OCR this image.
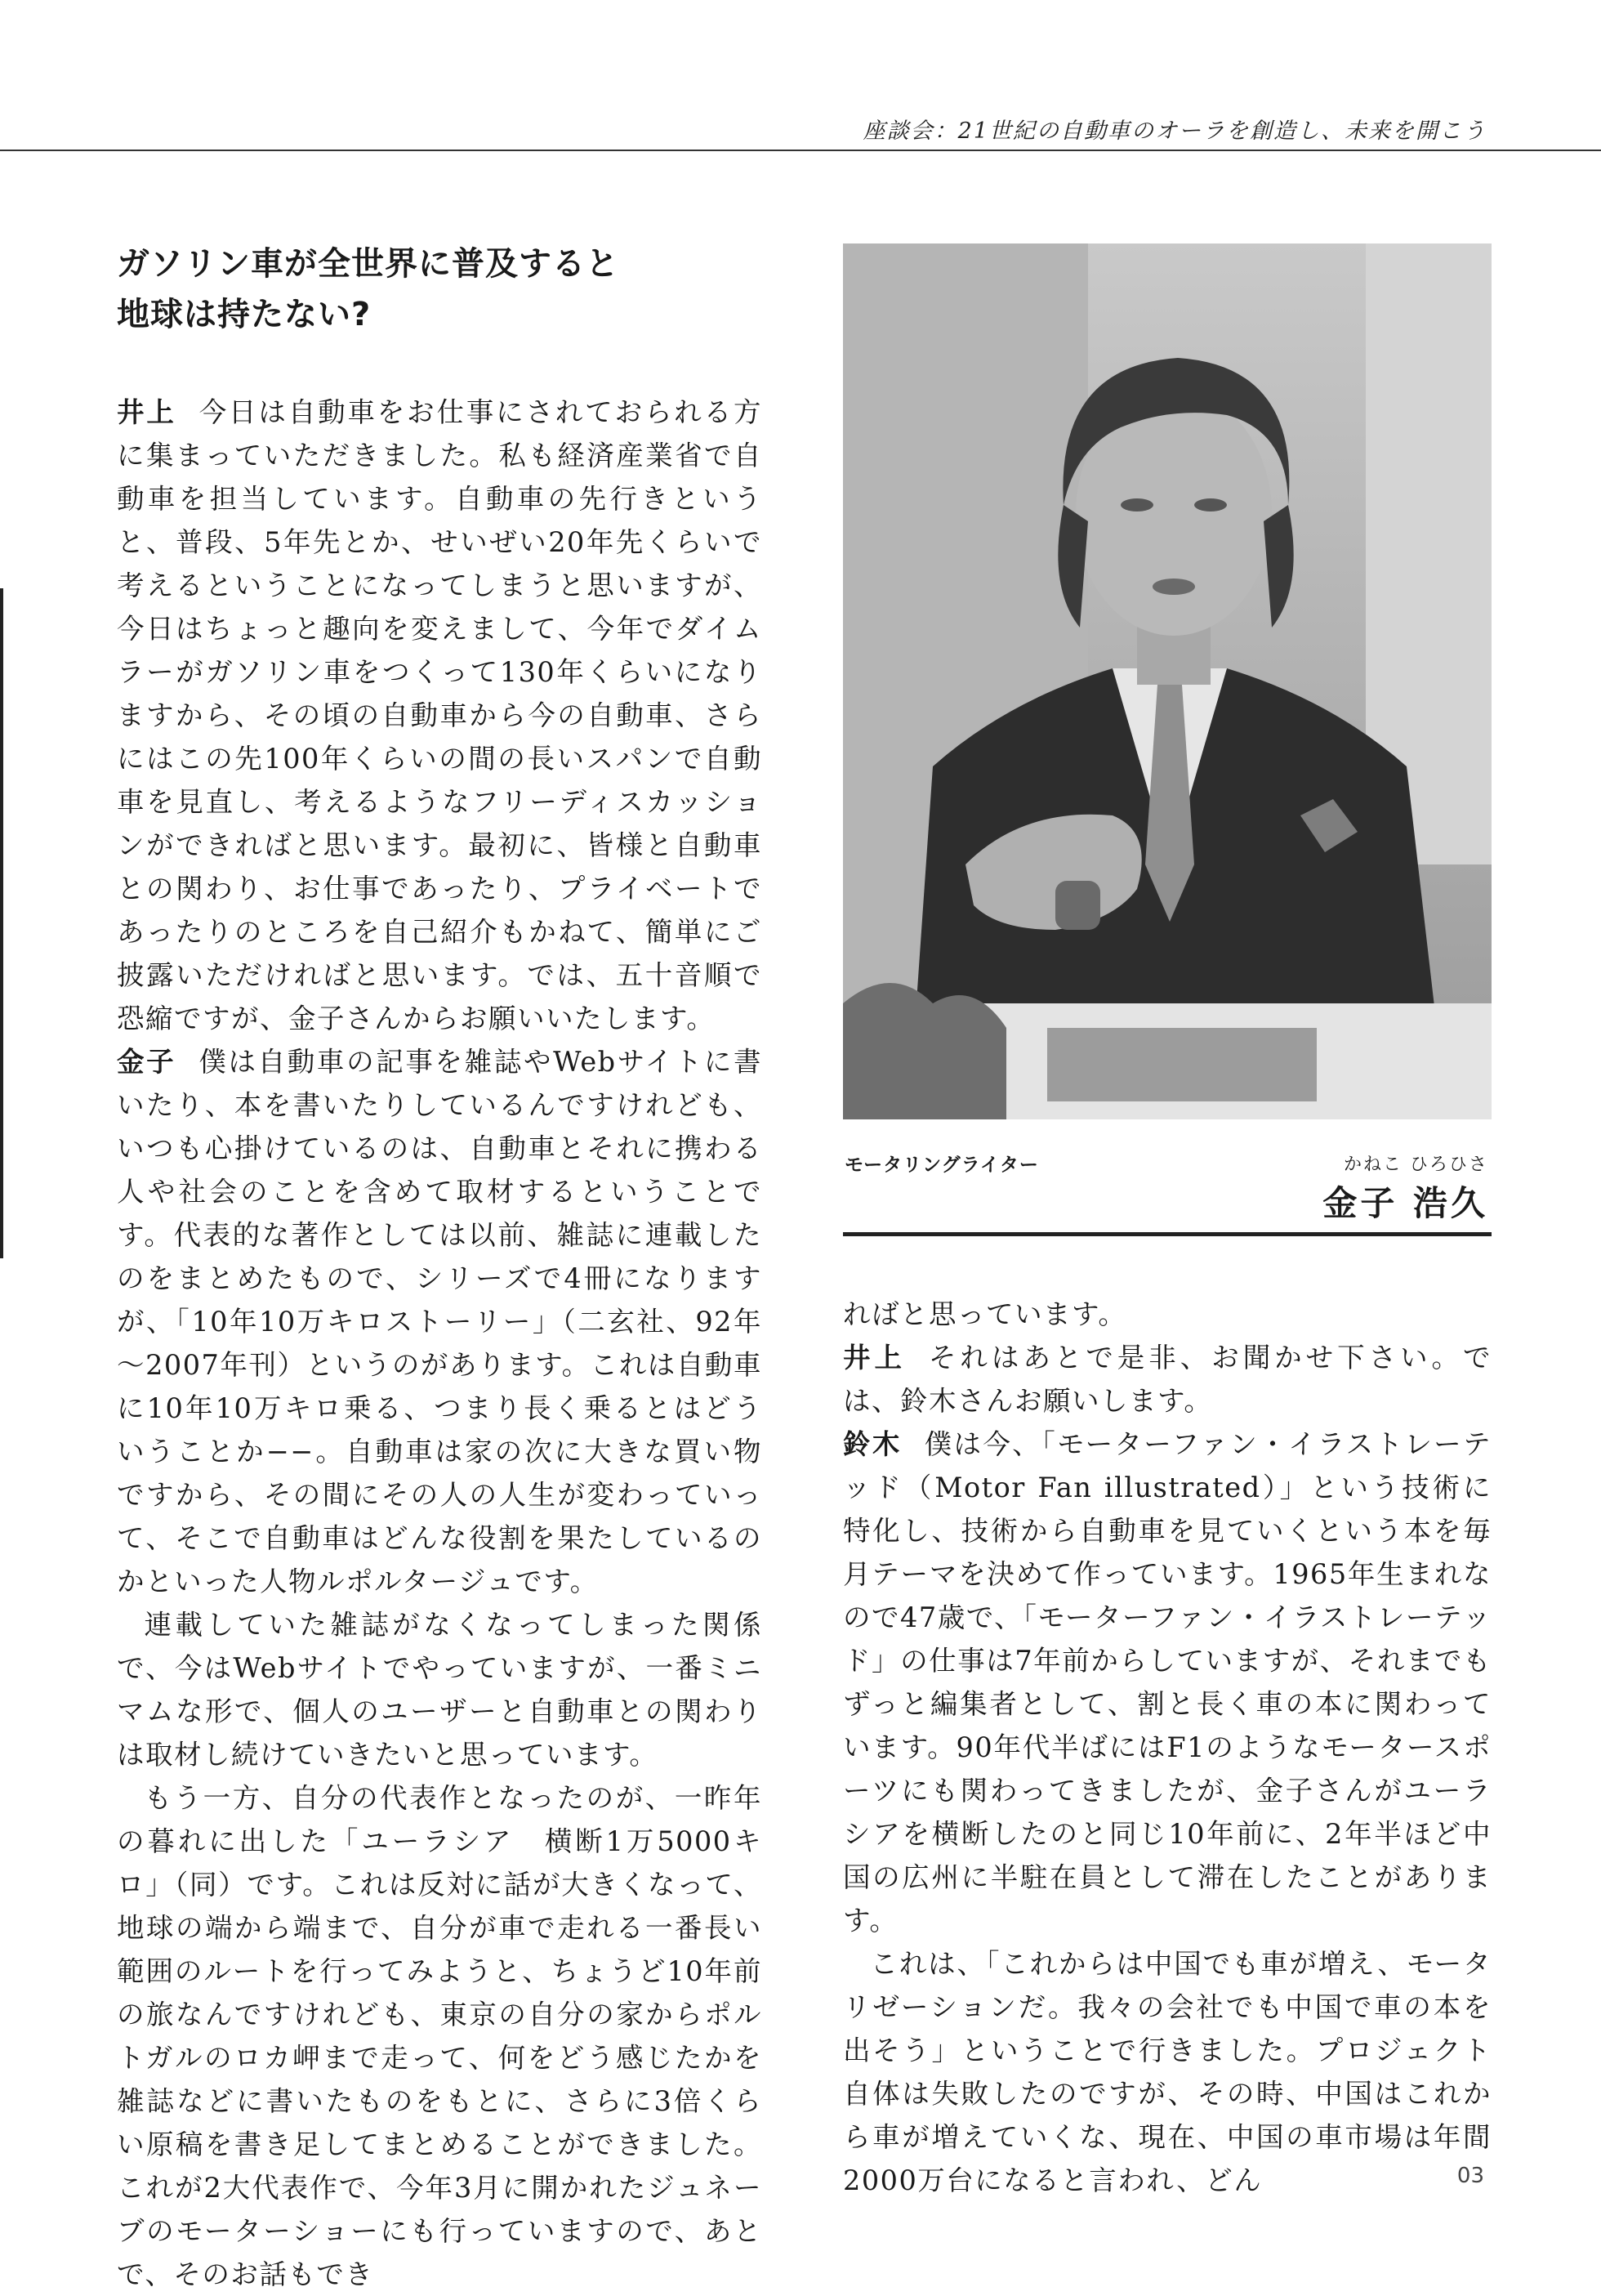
座談会：21世紀の自動車のオーラを創造し、未来を開こう
ガソリン車が全世界に普及すると
地球は持たない?

井上 今日は自動車をお仕事にされておられる方に集まっていただきました。私も経済産業省で自動車を担当しています。自動車の先行きというと、普段、5年先とか、せいぜい20年先くらいで考えるということになってしまうと思いますが、今日はちょっと趣向を変えまして、今年でダイムラーがガソリン車をつくって130年くらいになりますから、その頃の自動車から今の自動車、さらにはこの先100年くらいの間の長いスパンで自動車を見直し、考えるようなフリーディスカッションができればと思います。最初に、皆様と自動車との関わり、お仕事であったり、プライベートであったりのところを自己紹介もかねて、簡単にご披露いただければと思います。では、五十音順で恐縮ですが、金子さんからお願いいたします。

金子 僕は自動車の記事を雑誌やWebサイトに書いたり、本を書いたりしているんですけれども、いつも心掛けているのは、自動車とそれに携わる人や社会のことを含めて取材するということです。代表的な著作としては以前、雑誌に連載したのをまとめたもので、シリーズで4冊になりますが、「10年10万キロストーリー」（二玄社、92年～2007年刊）というのがあります。これは自動車に10年10万キロ乗る、つまり長く乗るとはどういうことか−−。自動車は家の次に大きな買い物ですから、その間にその人の人生が変わっていって、そこで自動車はどんな役割を果たしているのかといった人物ルポルタージュです。

連載していた雑誌がなくなってしまった関係で、今はWebサイトでやっていますが、一番ミニマムな形で、個人のユーザーと自動車との関わりは取材し続けていきたいと思っています。

もう一方、自分の代表作となったのが、一昨年の暮れに出した「ユーラシア　横断1万5000キロ」（同）です。これは反対に話が大きくなって、地球の端から端まで、自分が車で走れる一番長い範囲のルートを行ってみようと、ちょうど10年前の旅なんですけれども、東京の自分の家からポルトガルのロカ岬まで走って、何をどう感じたかを雑誌などに書いたものをもとに、さらに3倍くらい原稿を書き足してまとめることができました。これが2大代表作で、今年3月に開かれたジュネーブのモーターショーにも行っていますので、あとで、そのお話もでき

モータリングライター	かねこ ひろひさ
金子 浩久

ればと思っています。

井上 それはあとで是非、お聞かせ下さい。では、鈴木さんお願いします。

鈴木 僕は今、「モーターファン・イラストレーテッド（Motor Fan illustrated）」という技術に特化し、技術から自動車を見ていくという本を毎月テーマを決めて作っています。1965年生まれなので47歳で、「モーターファン・イラストレーテッド」の仕事は7年前からしていますが、それまでもずっと編集者として、割と長く車の本に関わっています。90年代半ばにはF1のようなモータースポーツにも関わってきましたが、金子さんがユーラシアを横断したのと同じ10年前に、2年半ほど中国の広州に半駐在員として滞在したことがあります。

これは、「これからは中国でも車が増え、モータリゼーションだ。我々の会社でも中国で車の本を出そう」ということで行きました。プロジェクト自体は失敗したのですが、その時、中国はこれから車が増えていくな、現在、中国の車市場は年間2000万台になると言われ、どん	03
